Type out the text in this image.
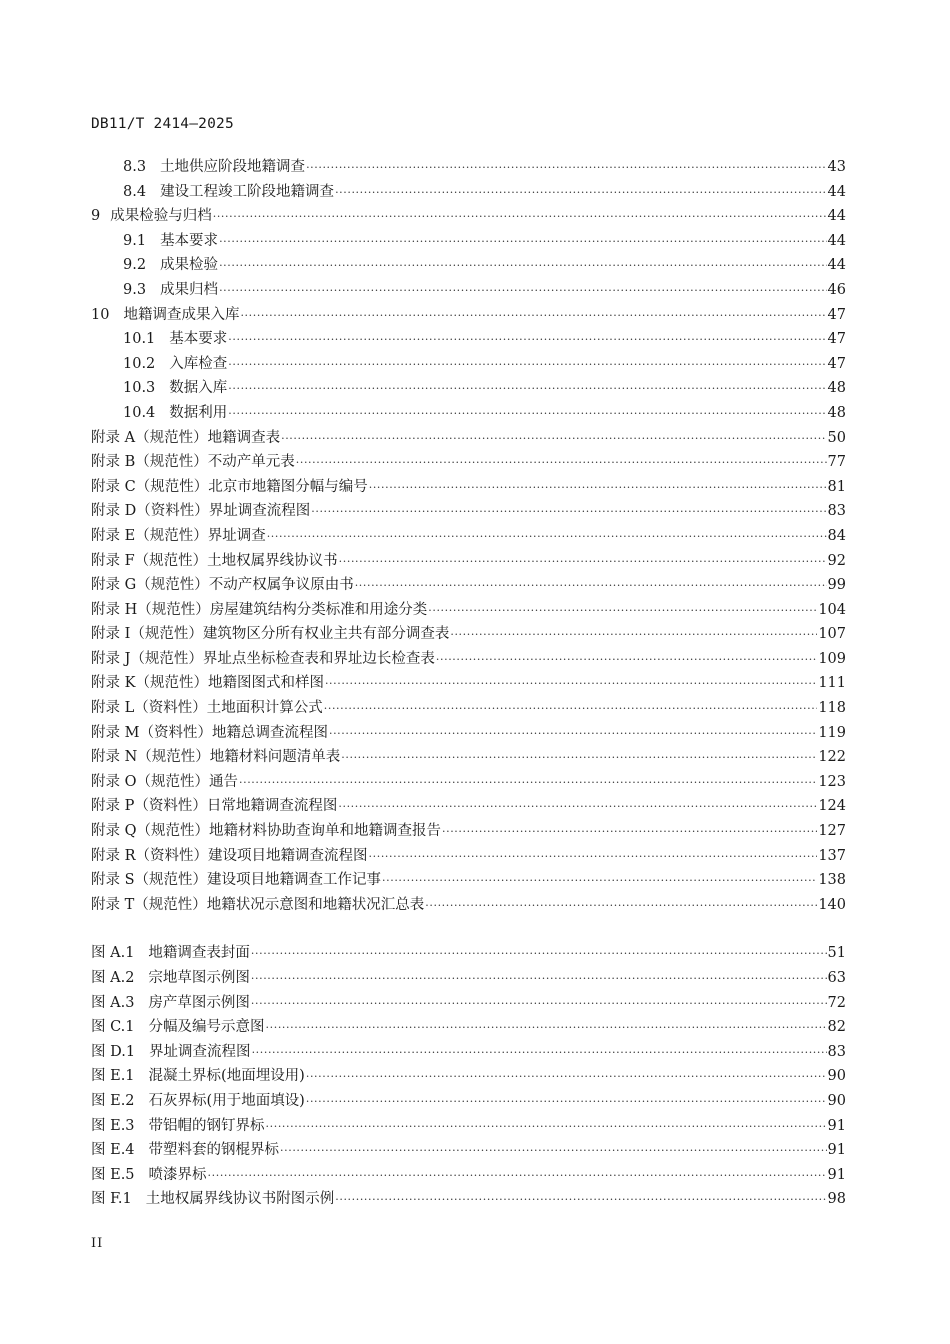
DB11/T 2414—2025
8.3 土地供应阶段地籍调查 ·····	43
8.4 建设工程竣工阶段地籍调查 ·····	44
9 成果检验与归档 ·····	44
9.1 基本要求 ·····	44
9.2 成果检验 ·····	44
9.3 成果归档 ·····	46
10 地籍调查成果入库 ·····	47
10.1 基本要求 ·····	47
10.2 入库检查 ·····	47
10.3 数据入库 ·····	48
10.4 数据利用 ·····	48
附录 A （规范性）地籍调查表 ·····	50
附录 B （规范性）不动产单元表 ·····	77
附录 C （规范性）北京市地籍图分幅与编号 ·····	81
附录 D （资料性）界址调查流程图 ·····	83
附录 E （规范性）界址调查 ·····	84
附录 F （规范性）土地权属界线协议书 ·····	92
附录 G （规范性）不动产权属争议原由书 ·····	99
附录 H （规范性）房屋建筑结构分类标准和用途分类 ·····	104
附录 I （规范性）建筑物区分所有权业主共有部分调查表 ·····	107
附录 J （规范性）界址点坐标检查表和界址边长检查表 ·····	109
附录 K （规范性）地籍图图式和样图 ·····	111
附录 L （资料性）土地面积计算公式 ·····	118
附录 M （资料性）地籍总调查流程图 ·····	119
附录 N （规范性）地籍材料问题清单表 ·····	122
附录 O （规范性）通告 ·····	123
附录 P （资料性）日常地籍调查流程图 ·····	124
附录 Q （规范性）地籍材料协助查询单和地籍调查报告 ·····	127
附录 R （资料性）建设项目地籍调查流程图 ·····	137
附录 S （规范性）建设项目地籍调查工作记事 ·····	138
附录 T （规范性）地籍状况示意图和地籍状况汇总表 ·····	140
图 A.1 地籍调查表封面 ·····	51
图 A.2 宗地草图示例图 ·····	63
图 A.3 房产草图示例图 ·····	72
图 C.1 分幅及编号示意图 ·····	82
图 D.1 界址调查流程图 ·····	83
图 E.1 混凝土界标(地面埋设用) ·····	90
图 E.2 石灰界标(用于地面填设) ·····	90
图 E.3 带铝帽的钢钉界标 ·····	91
图 E.4 带塑料套的钢棍界标 ·····	91
图 E.5 喷漆界标 ·····	91
图 F.1 土地权属界线协议书附图示例 ·····	98
II
